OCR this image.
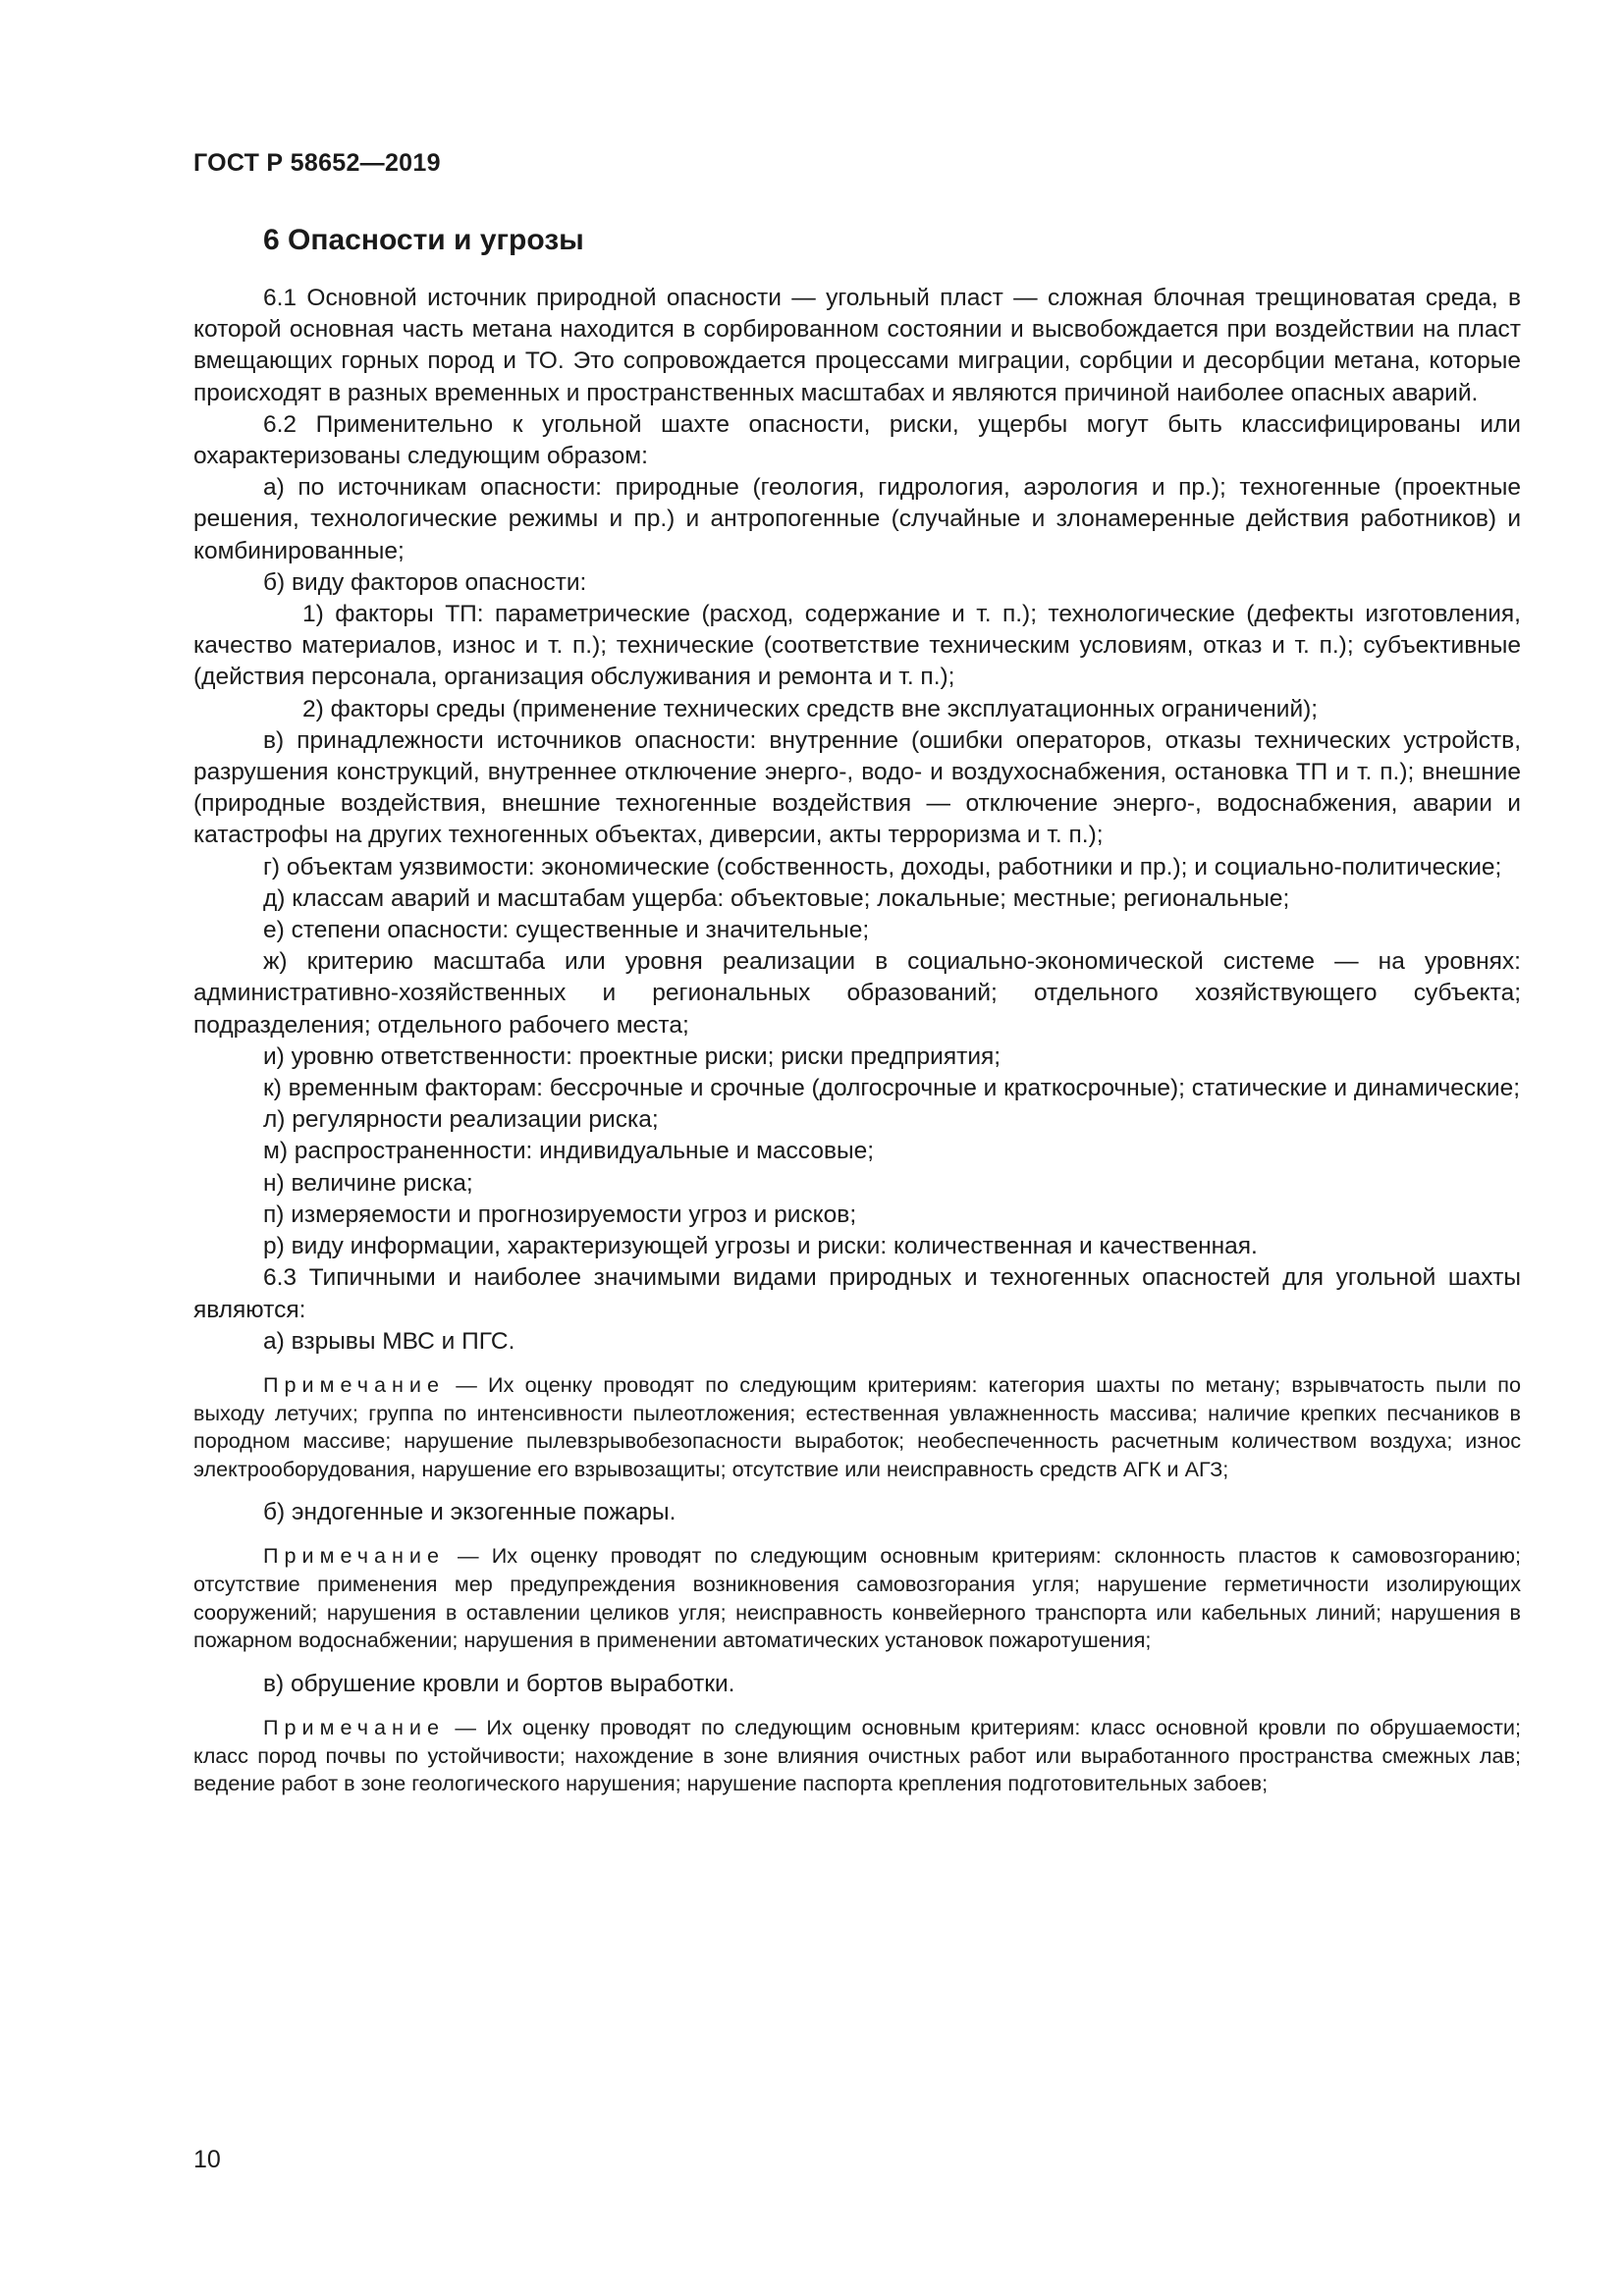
ГОСТ Р 58652—2019
6 Опасности и угрозы

6.1 Основной источник природной опасности — угольный пласт — сложная блочная трещиноватая среда, в которой основная часть метана находится в сорбированном состоянии и высвобождается при воздействии на пласт вмещающих горных пород и ТО. Это сопровождается процессами миграции, сорбции и десорбции метана, которые происходят в разных временных и пространственных масштабах и являются причиной наиболее опасных аварий.

6.2 Применительно к угольной шахте опасности, риски, ущербы могут быть классифицированы или охарактеризованы следующим образом:

а) по источникам опасности: природные (геология, гидрология, аэрология и пр.); техногенные (проектные решения, технологические режимы и пр.) и антропогенные (случайные и злонамеренные действия работников) и комбинированные;

б) виду факторов опасности:

1) факторы ТП: параметрические (расход, содержание и т. п.); технологические (дефекты изготовления, качество материалов, износ и т. п.); технические (соответствие техническим условиям, отказ и т. п.); субъективные (действия персонала, организация обслуживания и ремонта и т. п.);

2) факторы среды (применение технических средств вне эксплуатационных ограничений);

в) принадлежности источников опасности: внутренние (ошибки операторов, отказы технических устройств, разрушения конструкций, внутреннее отключение энерго-, водо- и воздухоснабжения, остановка ТП и т. п.); внешние (природные воздействия, внешние техногенные воздействия — отключение энерго-, водоснабжения, аварии и катастрофы на других техногенных объектах, диверсии, акты терроризма и т. п.);

г) объектам уязвимости: экономические (собственность, доходы, работники и пр.); и социально-политические;

д) классам аварий и масштабам ущерба: объектовые; локальные; местные; региональные;

е) степени опасности: существенные и значительные;

ж) критерию масштаба или уровня реализации в социально-экономической системе — на уровнях: административно-хозяйственных и региональных образований; отдельного хозяйствующего субъекта; подразделения; отдельного рабочего места;

и) уровню ответственности: проектные риски; риски предприятия;

к) временным факторам: бессрочные и срочные (долгосрочные и краткосрочные); статические и динамические;

л) регулярности реализации риска;

м) распространенности: индивидуальные и массовые;

н) величине риска;

п) измеряемости и прогнозируемости угроз и рисков;

р) виду информации, характеризующей угрозы и риски: количественная и качественная.

6.3 Типичными и наиболее значимыми видами природных и техногенных опасностей для угольной шахты являются:

а) взрывы МВС и ПГС.

Примечание — Их оценку проводят по следующим критериям: категория шахты по метану; взрывчатость пыли по выходу летучих; группа по интенсивности пылеотложения; естественная увлажненность массива; наличие крепких песчаников в породном массиве; нарушение пылевзрывобезопасности выработок; необеспеченность расчетным количеством воздуха; износ электрооборудования, нарушение его взрывозащиты; отсутствие или неисправность средств АГК и АГЗ;

б) эндогенные и экзогенные пожары.

Примечание — Их оценку проводят по следующим основным критериям: склонность пластов к самовозгоранию; отсутствие применения мер предупреждения возникновения самовозгорания угля; нарушение герметичности изолирующих сооружений; нарушения в оставлении целиков угля; неисправность конвейерного транспорта или кабельных линий; нарушения в пожарном водоснабжении; нарушения в применении автоматических установок пожаротушения;

в) обрушение кровли и бортов выработки.

Примечание — Их оценку проводят по следующим основным критериям: класс основной кровли по обрушаемости; класс пород почвы по устойчивости; нахождение в зоне влияния очистных работ или выработанного пространства смежных лав; ведение работ в зоне геологического нарушения; нарушение паспорта крепления подготовительных забоев;

10
